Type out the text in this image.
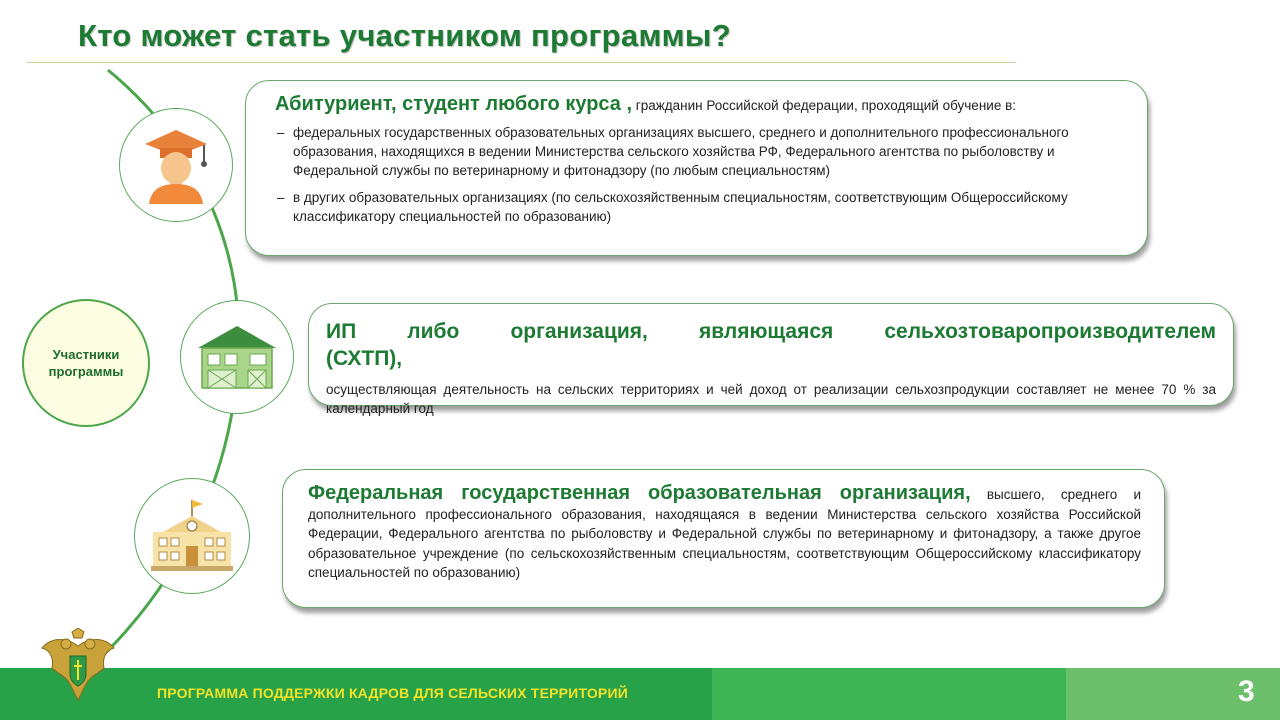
Кто может стать участником программы?
Участники программы
Абитуриент, студент любого курса , гражданин Российской федерации, проходящий обучение в:
– федеральных государственных образовательных организациях высшего, среднего и дополнительного профессионального образования, находящихся в ведении Министерства сельского хозяйства РФ, Федерального агентства по рыболовству и Федеральной службы по ветеринарному и фитонадзору (по любым специальностям)
– в других образовательных организациях (по сельскохозяйственным специальностям, соответствующим Общероссийскому классификатору специальностей по образованию)
ИП либо организация, являющаяся сельхозтоваропроизводителем
(СХТП),
осуществляющая деятельность на сельских территориях и чей доход от реализации сельхозпродукции составляет не менее 70 % за календарный год
Федеральная государственная образовательная организация, высшего, среднего и дополнительного профессионального образования, находящаяся в ведении Министерства сельского хозяйства Российской Федерации, Федерального агентства по рыболовству и Федеральной службы по ветеринарному и фитонадзору, а также другое образовательное учреждение (по сельскохозяйственным специальностям, соответствующим Общероссийскому классификатору специальностей по образованию)
ПРОГРАММА ПОДДЕРЖКИ КАДРОВ ДЛЯ СЕЛЬСКИХ ТЕРРИТОРИЙ	3
